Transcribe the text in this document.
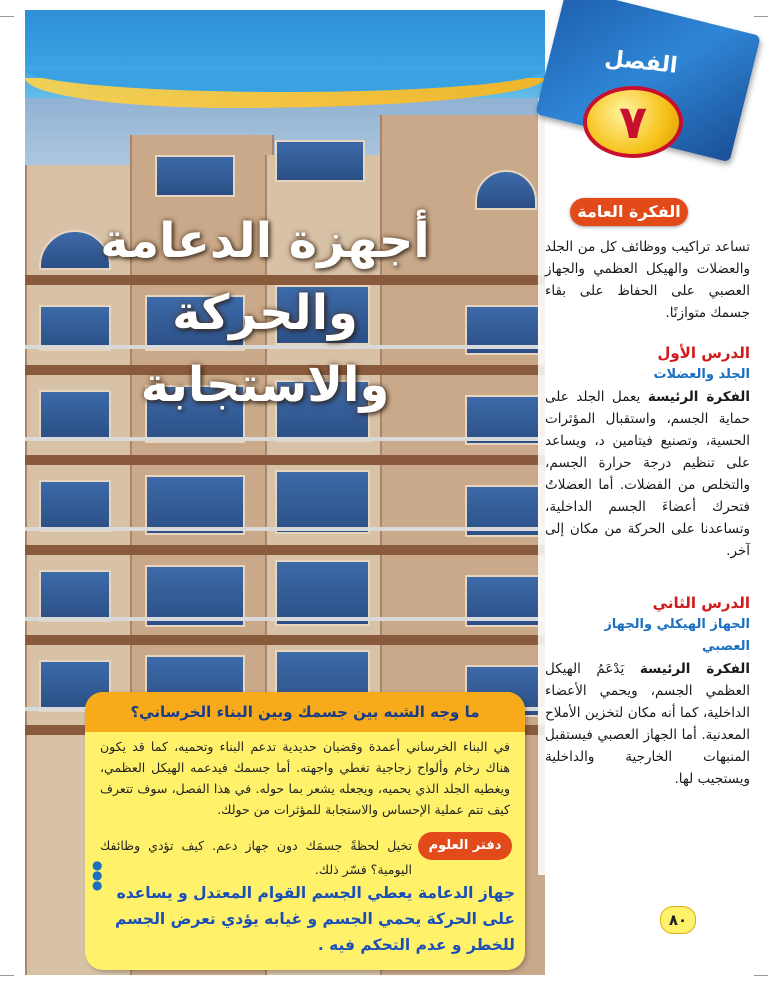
الفصل
٧
أجهزة الدعامة
والحركة والاستجابة
الفكرة العامة
تساعد تراكيب ووظائف كل من الجلد والعضلات والهيكل العظمي والجهاز العصبي على الحفاظ على بقاء جسمك متوازنًا.
الدرس الأول
الجلد والعضلات
الفكرة الرئيسة يعمل الجلد على حماية الجسم، واستقبال المؤثرات الحسية، وتصنيع فيتامين د، ويساعد على تنظيم درجة حرارة الجسم، والتخلص من الفضلات. أما العضلاتُ فتحرك أعضاءَ الجسم الداخلية، وتساعدنا على الحركة من مكان إلى آخر.
الدرس الثاني
الجهاز الهيكلي والجهاز
العصبي
الفكرة الرئيسة يَدْعَمُ الهيكل العظمي الجسم، ويحمي الأعضاء الداخلية، كما أنه مكان لتخزين الأملاح المعدنية. أما الجهاز العصبي فيستقبل المنبهات الخارجية والداخلية ويستجيب لها.
ما وجه الشبه بين جسمك وبين البناء الخرساني؟
في البناء الخرساني أعمدة وقضبان حديدية تدعم البناء وتحميه، كما قد يكون هناك رخام وألواح زجاجية تغطي واجهته. أما جسمك فيدعمه الهيكل العظمي، ويغطيه الجلد الذي يحميه، ويجعله يشعر بما حوله. في هذا الفصل، سوف تتعرف كيف تتم عملية الإحساس والاستجابة للمؤثرات من حولك.
دفتر العلوم
تخيل لحظةً جسمَك دون جهاز دعم. كيف تؤدي وظائفك اليومية؟ فسّر ذلك.
●
●
● جهاز الدعامة يعطي الجسم القوام المعتدل و يساعده على الحركة يحمي الجسم و غيابه يؤدي تعرض الجسم للخطر و عدم التحكم فيه .
٨٠
